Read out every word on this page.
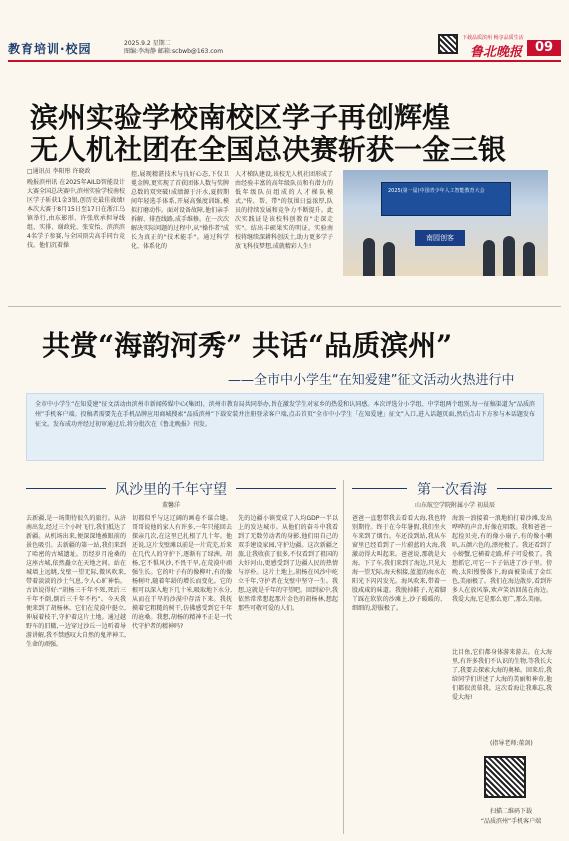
教育培训·校园	2025.9.2 星期二
图编:李海静 邮箱:scbwb@163.com
下载品质滨州 畅享品质生活
鲁北晚报 09
滨州实验学校南校区学子再创辉煌
无人机社团在全国总决赛斩获一金三银
□通讯员 李阳彤 许晓政
晚报滨州讯 在2025年AILD智能设计大赛全国总决赛中,滨州实验学校南校区学子斩获1金3银,创历史最佳战绩!本次大赛于8月15日至17日在浙江乌镇举行,由东影形、许张欣承担导线组、实排、谢政轮、张安怡、滨滨滨4名学子参赛,与全国顶尖高手同台竞技。他们沉着操
控,展现精湛技术与良好心态,下仅卫冕金牌,更实现了首获团体人数与奖牌总数的双突破!成绩源于汗水,夏假期间年轻选手体系,开展高强度训练,模拟打磨动作。面对设备故障,他们亲手拆解、排查线路,成手维修。在一次次解决实际问题的过程中,从"操作者"成长为真正的"技术能手"。通过科学化、体系化的
人才梯队建设,该校无人机社团形成了由经验丰富的高年级队员和有潜力的低年级队员组成的人才梯队模式,"传、帮、带"的氛围日益浓厚,队员的持续发展和竞争力不断提升。此次实践证是该校科创教育"走深走实"。结出丰硕果实的明证。实验南校将继续深耕科创沃土,助力更多学子放飞科技梦想,成就精彩人生!
2025(第一届)中国青少年人工智能教育大会
南园创客
共赏“海韵河秀” 共话“品质滨州”
——全市中小学生“在知爱建”征文活动火热进行中
全市中小学生“在知爱建”征文活动由滨州市新闻传媒中心(集团)、滨州市教育局共同举办,旨在激发学生对家乡的热爱和认同感。本次评选分小学组、中学组两个组别,每一征稿渠道为“品质滨州”手机客户端。投稿者需要先在手机品牌应用商城搜索“品质滨州”下载安装并注册登录客户端,点击首页“全市中小学生「在知爱建」征文”入口,进入话题页面,然后点击下方参与本话题发布征文。发布成功并经过初审通过后,将分批次在《鲁北晚报》刊发。
风沙里的千年守望
董馨洋
去新疆,是一场期待很久的旅行。从济南出发,经过三个小时飞行,我们抵达了新疆。从机场出来,便深深地被眼前的景色吸引。去新疆的第一站,我们来到了哈密的古城遗址。历经岁月沧桑的这座古城,依然矗立在天地之间。站在城墙上远眺,戈壁一望无际,微风吹来,带着淡淡的沙土气息,令人心旷神怡。古语说得好:“胡杨三千年不死,死后三千年不倒,倒后三千年不朽”。今天我便来到了胡杨林。它们在荒漠中挺立,伸展着枝干,守护着这片土地。通过越野车的旧辙,一边穿过沙丘一边听着导游讲解,我不禁感叹大自然的鬼斧神工,生命的顽强。
切都似乎与这辽阔的画卷不谋合缝。哥哥说他的家人有许多,一年只能回去探亲几次,在这里已扎根了几十年。他还说,这片戈壁滩以前是一片荒芜,后来在几代人的守护下,逐渐有了绿洲。胡杨,它不惧风沙,不畏干旱,在荒漠中顽强生长。它的叶子有的像柳叶,有的像杨树叶,随着年龄的增长而变化。它的根可以深入地下几十米,吸取地下水分,从而在干旱的沙漠中存活下来。我抚摸着它粗糙的树干,仿佛感受到它千年的沧桑。我想,胡杨的精神不正是一代代守护者的精神吗?
先的边疆小镇变成了人均GDP一半以上的发达城市。从他们的奋斗中我看到了无数劳动者的身影,他们用自己的双手建设家园,守护边疆。这次新疆之旅,让我收获了很多,不仅看到了祖国的大好河山,更感受到了边疆人民的热情与淳朴。这片土地上,胡杨在风沙中屹立千年,守护者在戈壁中坚守一生。我想,这就是千年的守望吧。回到家中,我依然常常想起那片金色的胡杨林,想起那些可敬可爱的人们。
第一次看海
山东航空学院附属小学 初晨辰
爸爸一直想带我去看看大海,我也特别期待。终于在今年暑假,我们坐火车来到了烟台。车还没到站,我从车窗里已经看到了一片蔚蓝的大海,我激动得大叫起来。爸爸说,那就是大海。下了车,我们来到了海边,只见大海一望无际,海天相接,蓝蓝的海水在阳光下闪闪发光。海风吹来,带着一股咸咸的味道。我脱掉鞋子,光着脚丫踩在软软的沙滩上,沙子暖暖的、细细的,舒服极了。
海浪一浪接着一浪地拍打着沙滩,发出哗哗的声音,好像在唱歌。我和爸爸一起捡贝壳,有的像小扇子,有的像小喇叭,五颜六色的,漂亮极了。我还看到了小螃蟹,它横着走路,样子可爱极了。我想抓它,可它一下子钻进了沙子里。傍晚,太阳慢慢落下,海面被染成了金红色,美丽极了。我们在海边散步,看到许多人在放风筝,欢声笑语回荡在海边。我爱大海,它是那么宽广,那么美丽。
比目鱼,它们都身体游来游去。在大海里,有许多我们不认识的生物,等我长大了,我要去探索大海的奥秘。回来后,我给同学们讲述了大海的美丽和神奇,他们都很羡慕我。这次看海让我难忘,我爱大海!
(指导老师:董剑)
扫描二维码下载
“品质滨州”手机客户端
